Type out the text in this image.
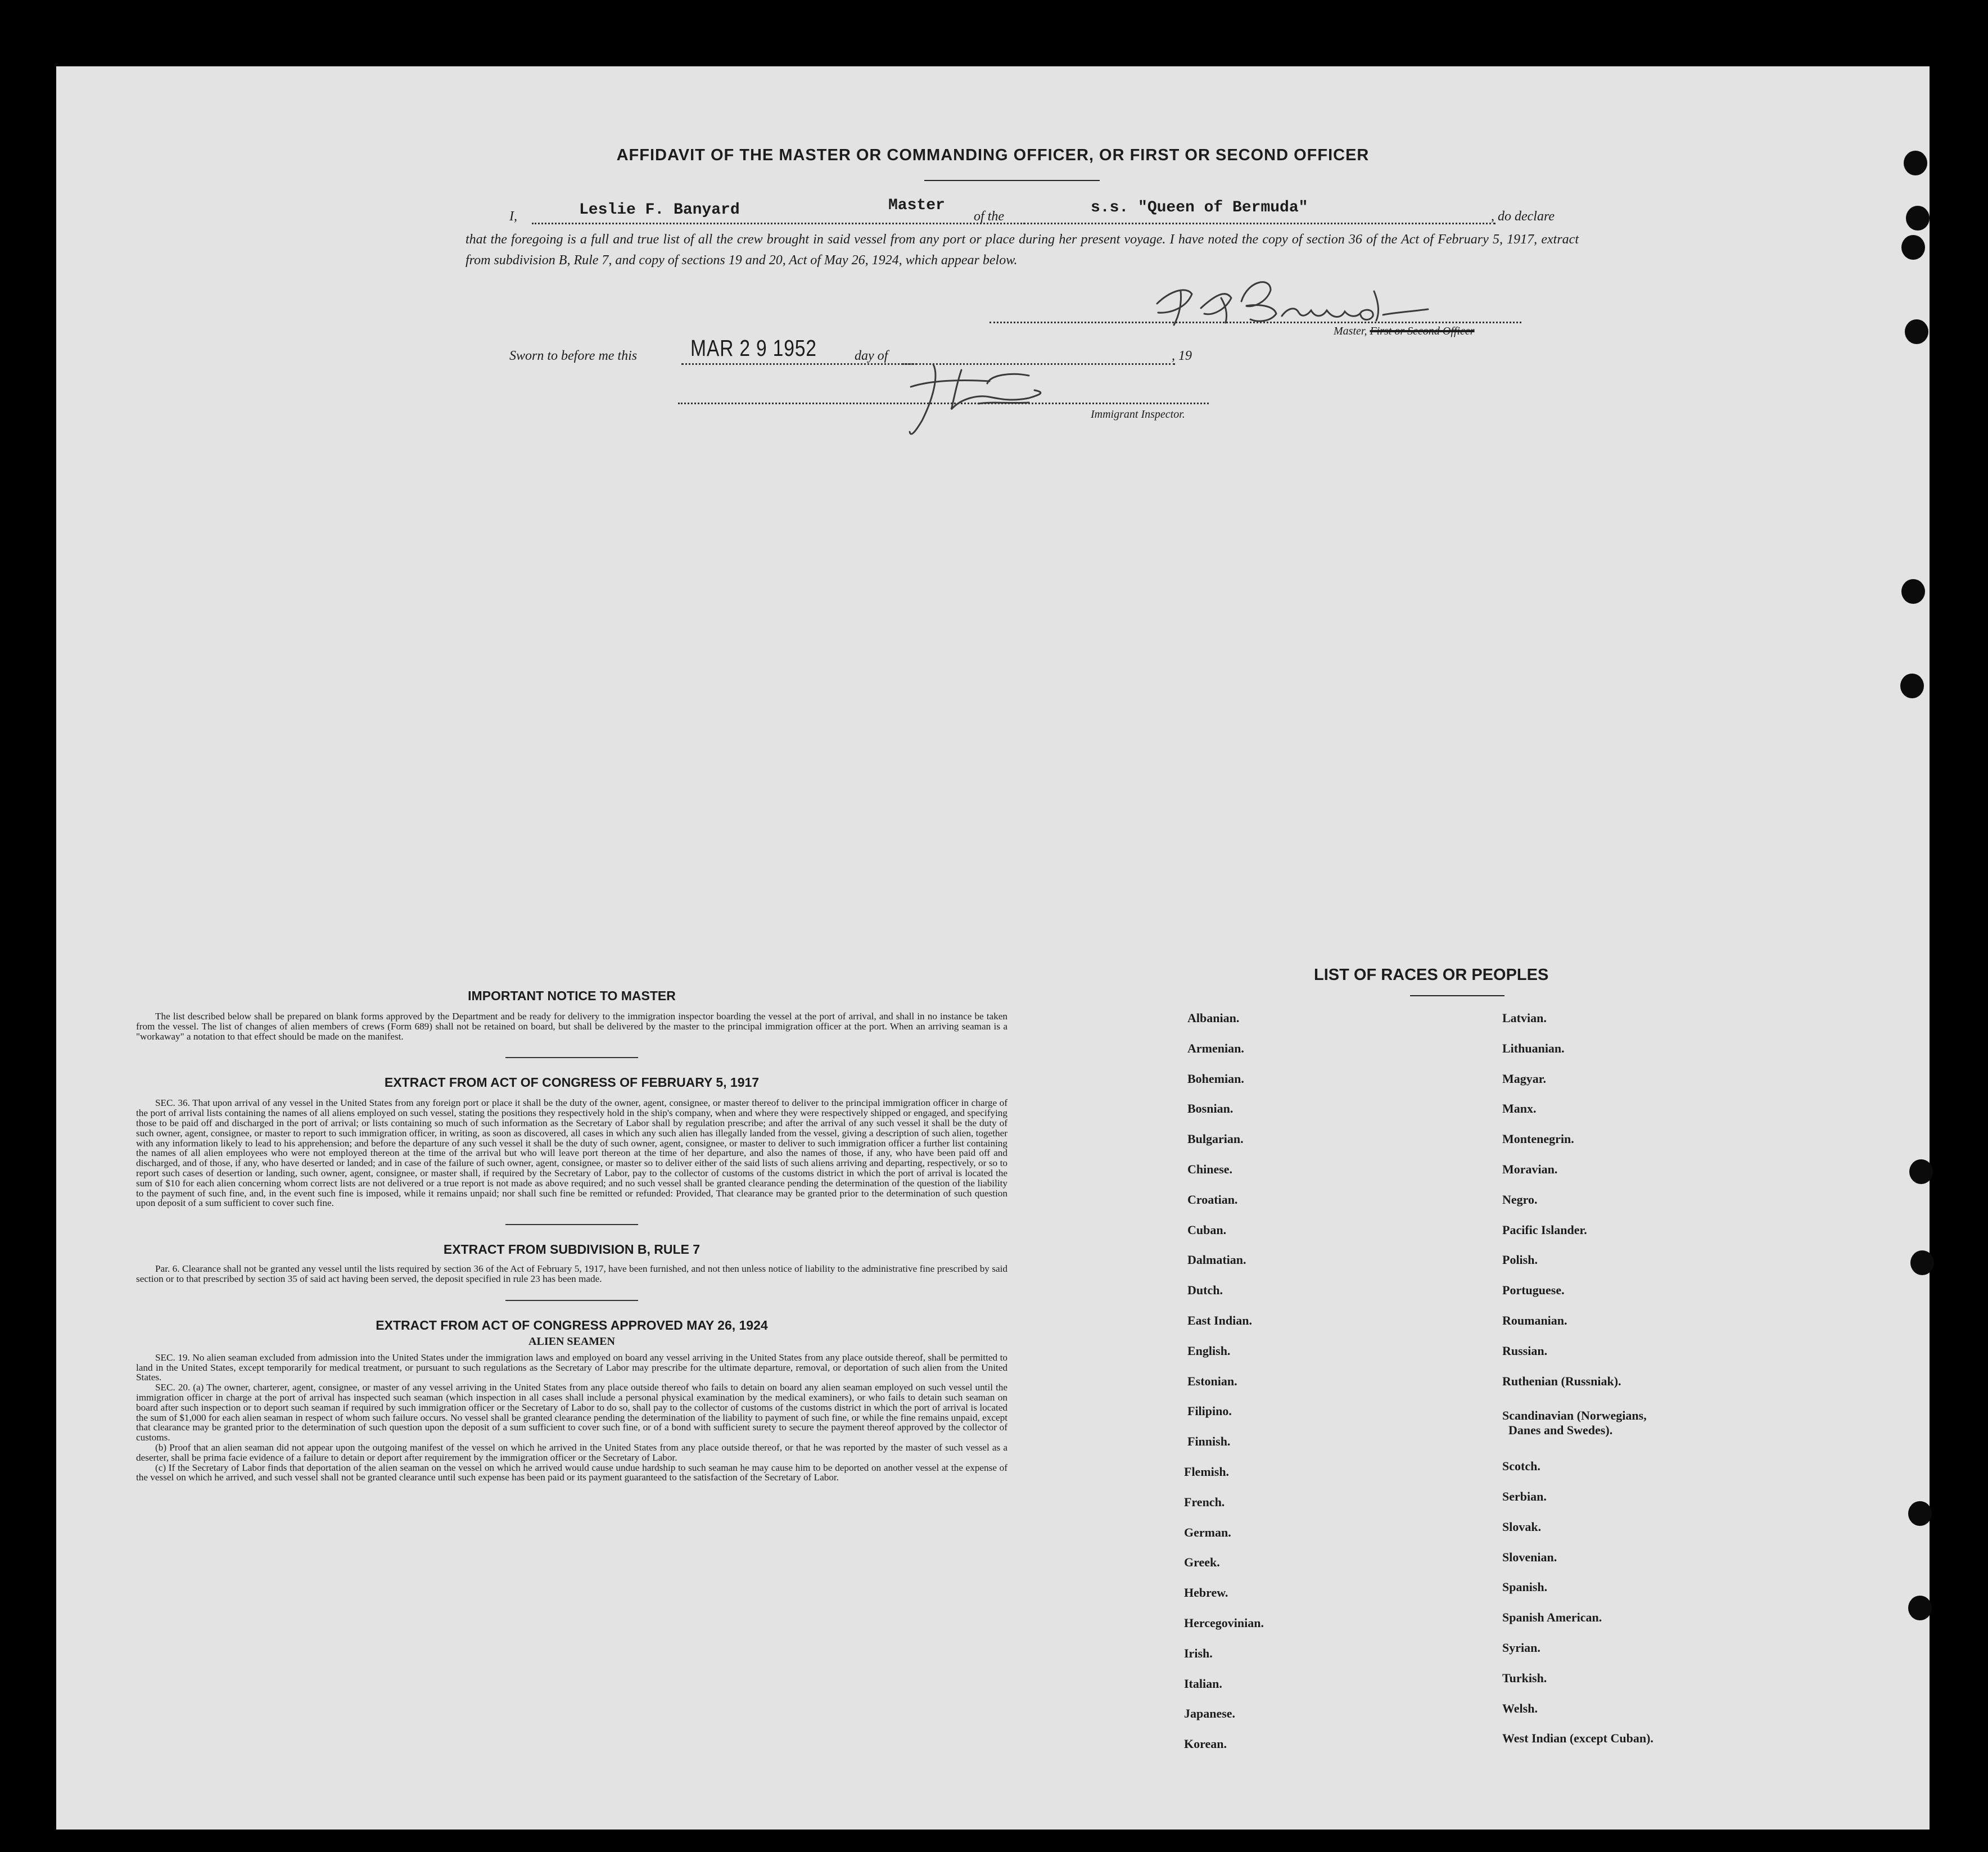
AFFIDAVIT OF THE MASTER OR COMMANDING OFFICER, OR FIRST OR SECOND OFFICER
I,	Leslie F. Banyard	Master
of the	s.s. "Queen of Bermuda"	, do declare
that the foregoing is a full and true list of all the crew brought in said vessel from any port or place during her present voyage. I have noted the copy of section 36 of the Act of February 5, 1917, extract from subdivision B, Rule 7, and copy of sections 19 and 20, Act of May 26, 1924, which appear below.
Master, First or Second Officer
Sworn to before me this MAR 2 9 1952	day of	, 19
Immigrant Inspector.
IMPORTANT NOTICE TO MASTER

The list described below shall be prepared on blank forms approved by the Department and be ready for delivery to the immigration inspector boarding the vessel at the port of arrival, and shall in no instance be taken from the vessel. The list of changes of alien members of crews (Form 689) shall not be retained on board, but shall be delivered by the master to the principal immigration officer at the port. When an arriving seaman is a "workaway" a notation to that effect should be made on the manifest.

EXTRACT FROM ACT OF CONGRESS OF FEBRUARY 5, 1917

SEC. 36. That upon arrival of any vessel in the United States from any foreign port or place it shall be the duty of the owner, agent, consignee, or master thereof to deliver to the principal immigration officer in charge of the port of arrival lists containing the names of all aliens employed on such vessel, stating the positions they respectively hold in the ship's company, when and where they were respectively shipped or engaged, and specifying those to be paid off and discharged in the port of arrival; or lists containing so much of such information as the Secretary of Labor shall by regulation prescribe; and after the arrival of any such vessel it shall be the duty of such owner, agent, consignee, or master to report to such immigration officer, in writing, as soon as discovered, all cases in which any such alien has illegally landed from the vessel, giving a description of such alien, together with any information likely to lead to his apprehension; and before the departure of any such vessel it shall be the duty of such owner, agent, consignee, or master to deliver to such immigration officer a further list containing the names of all alien employees who were not employed thereon at the time of the arrival but who will leave port thereon at the time of her departure, and also the names of those, if any, who have been paid off and discharged, and of those, if any, who have deserted or landed; and in case of the failure of such owner, agent, consignee, or master so to deliver either of the said lists of such aliens arriving and departing, respectively, or so to report such cases of desertion or landing, such owner, agent, consignee, or master shall, if required by the Secretary of Labor, pay to the collector of customs of the customs district in which the port of arrival is located the sum of $10 for each alien concerning whom correct lists are not delivered or a true report is not made as above required; and no such vessel shall be granted clearance pending the determination of the question of the liability to the payment of such fine, and, in the event such fine is imposed, while it remains unpaid; nor shall such fine be remitted or refunded: Provided, That clearance may be granted prior to the determination of such question upon deposit of a sum sufficient to cover such fine.

EXTRACT FROM SUBDIVISION B, RULE 7

Par. 6. Clearance shall not be granted any vessel until the lists required by section 36 of the Act of February 5, 1917, have been furnished, and not then unless notice of liability to the administrative fine prescribed by said section or to that prescribed by section 35 of said act having been served, the deposit specified in rule 23 has been made.

EXTRACT FROM ACT OF CONGRESS APPROVED MAY 26, 1924
ALIEN SEAMEN

SEC. 19. No alien seaman excluded from admission into the United States under the immigration laws and employed on board any vessel arriving in the United States from any place outside thereof, shall be permitted to land in the United States, except temporarily for medical treatment, or pursuant to such regulations as the Secretary of Labor may prescribe for the ultimate departure, removal, or deportation of such alien from the United States.

SEC. 20. (a) The owner, charterer, agent, consignee, or master of any vessel arriving in the United States from any place outside thereof who fails to detain on board any alien seaman employed on such vessel until the immigration officer in charge at the port of arrival has inspected such seaman (which inspection in all cases shall include a personal physical examination by the medical examiners), or who fails to detain such seaman on board after such inspection or to deport such seaman if required by such immigration officer or the Secretary of Labor to do so, shall pay to the collector of customs of the customs district in which the port of arrival is located the sum of $1,000 for each alien seaman in respect of whom such failure occurs. No vessel shall be granted clearance pending the determination of the liability to payment of such fine, or while the fine remains unpaid, except that clearance may be granted prior to the determination of such question upon the deposit of a sum sufficient to cover such fine, or of a bond with sufficient surety to secure the payment thereof approved by the collector of customs.

(b) Proof that an alien seaman did not appear upon the outgoing manifest of the vessel on which he arrived in the United States from any place outside thereof, or that he was reported by the master of such vessel as a deserter, shall be prima facie evidence of a failure to detain or deport after requirement by the immigration officer or the Secretary of Labor.

(c) If the Secretary of Labor finds that deportation of the alien seaman on the vessel on which he arrived would cause undue hardship to such seaman he may cause him to be deported on another vessel at the expense of the vessel on which he arrived, and such vessel shall not be granted clearance until such expense has been paid or its payment guaranteed to the satisfaction of the Secretary of Labor.

LIST OF RACES OR PEOPLES
Albanian.
Armenian.
Bohemian.
Bosnian.
Bulgarian.
Chinese.
Croatian.
Cuban.
Dalmatian.
Dutch.
East Indian.
English.
Estonian.
Filipino.
Finnish.
Flemish.
French.
German.
Greek.
Hebrew.
Hercegovinian.
Irish.
Italian.
Japanese.
Korean.
Latvian.
Lithuanian.
Magyar.
Manx.
Montenegrin.
Moravian.
Negro.
Pacific Islander.
Polish.
Portuguese.
Roumanian.
Russian.
Ruthenian (Russniak).
Scandinavian (Norwegians,
Danes and Swedes).
Scotch.
Serbian.
Slovak.
Slovenian.
Spanish.
Spanish American.
Syrian.
Turkish.
Welsh.
West Indian (except Cuban).
